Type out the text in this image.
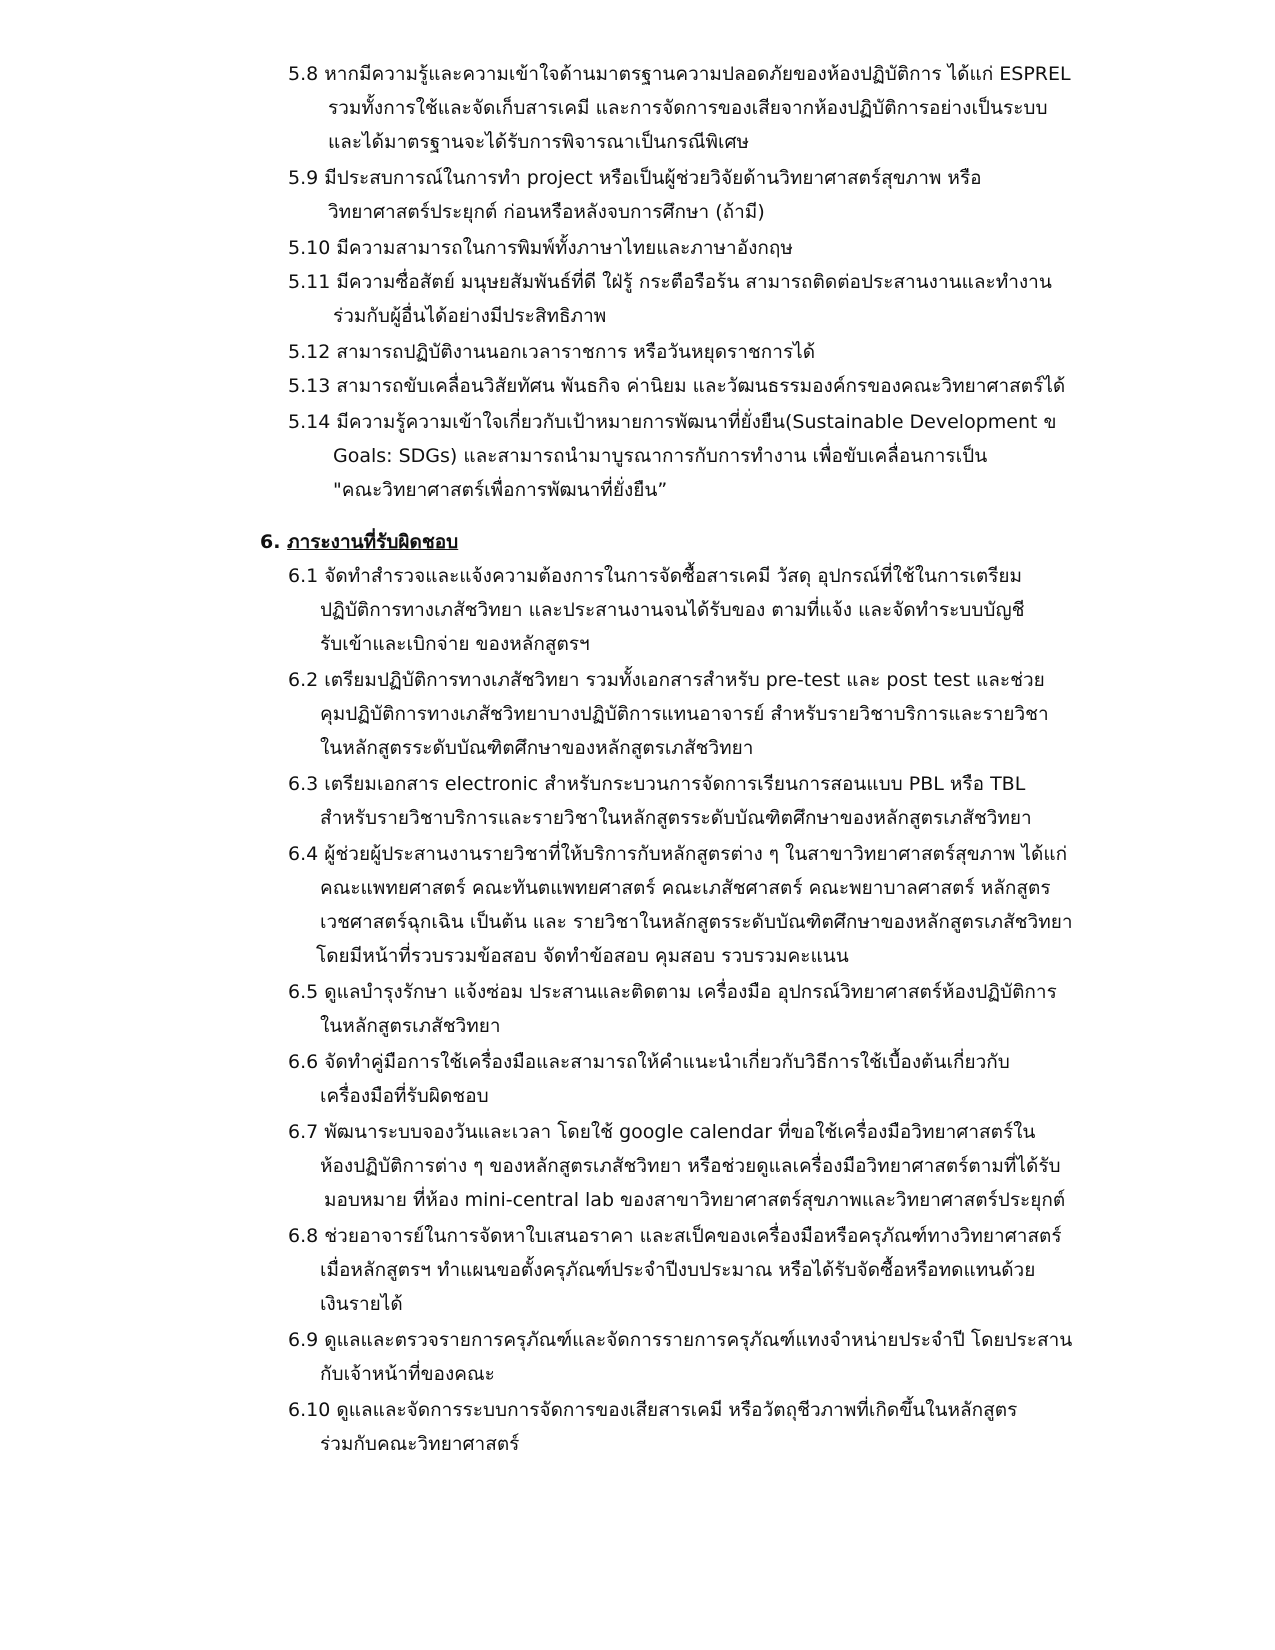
5.8 หากมีความรู้และความเข้าใจด้านมาตรฐานความปลอดภัยของห้องปฏิบัติการ ได้แก่ ESPREL
รวมทั้งการใช้และจัดเก็บสารเคมี และการจัดการของเสียจากห้องปฏิบัติการอย่างเป็นระบบ
และได้มาตรฐานจะได้รับการพิจารณาเป็นกรณีพิเศษ
5.9 มีประสบการณ์ในการทำ project หรือเป็นผู้ช่วยวิจัยด้านวิทยาศาสตร์สุขภาพ หรือ
วิทยาศาสตร์ประยุกต์ ก่อนหรือหลังจบการศึกษา (ถ้ามี)
5.10 มีความสามารถในการพิมพ์ทั้งภาษาไทยและภาษาอังกฤษ
5.11 มีความซื่อสัตย์ มนุษยสัมพันธ์ที่ดี ใฝ่รู้ กระตือรือร้น สามารถติดต่อประสานงานและทำงาน
ร่วมกับผู้อื่นได้อย่างมีประสิทธิภาพ
5.12 สามารถปฏิบัติงานนอกเวลาราชการ หรือวันหยุดราชการได้
5.13 สามารถขับเคลื่อนวิสัยทัศน พันธกิจ ค่านิยม และวัฒนธรรมองค์กรของคณะวิทยาศาสตร์ได้
5.14 มีความรู้ความเข้าใจเกี่ยวกับเป้าหมายการพัฒนาที่ยั่งยืน(Sustainable Development ข
Goals: SDGs) และสามารถนำมาบูรณาการกับการทำงาน เพื่อขับเคลื่อนการเป็น
"คณะวิทยาศาสตร์เพื่อการพัฒนาที่ยั่งยืน”
6. ภาระงานที่รับผิดชอบ
6.1 จัดทำสำรวจและแจ้งความต้องการในการจัดซื้อสารเคมี วัสดุ อุปกรณ์ที่ใช้ในการเตรียม
ปฏิบัติการทางเภสัชวิทยา และประสานงานจนได้รับของ ตามที่แจ้ง และจัดทำระบบบัญชี
รับเข้าและเบิกจ่าย ของหลักสูตรฯ
6.2 เตรียมปฏิบัติการทางเภสัชวิทยา รวมทั้งเอกสารสำหรับ pre-test และ post test และช่วย
คุมปฏิบัติการทางเภสัชวิทยาบางปฏิบัติการแทนอาจารย์ สำหรับรายวิชาบริการและรายวิชา
ในหลักสูตรระดับบัณฑิตศึกษาของหลักสูตรเภสัชวิทยา
6.3 เตรียมเอกสาร electronic สำหรับกระบวนการจัดการเรียนการสอนแบบ PBL หรือ TBL
สำหรับรายวิชาบริการและรายวิชาในหลักสูตรระดับบัณฑิตศึกษาของหลักสูตรเภสัชวิทยา
6.4 ผู้ช่วยผู้ประสานงานรายวิชาที่ให้บริการกับหลักสูตรต่าง ๆ ในสาขาวิทยาศาสตร์สุขภาพ ได้แก่
คณะแพทยศาสตร์ คณะทันตแพทยศาสตร์ คณะเภสัชศาสตร์ คณะพยาบาลศาสตร์ หลักสูตร
เวชศาสตร์ฉุกเฉิน เป็นต้น และ รายวิชาในหลักสูตรระดับบัณฑิตศึกษาของหลักสูตรเภสัชวิทยา
โดยมีหน้าที่รวบรวมข้อสอบ จัดทำข้อสอบ คุมสอบ รวบรวมคะแนน
6.5 ดูแลบำรุงรักษา แจ้งซ่อม ประสานและติดตาม เครื่องมือ อุปกรณ์วิทยาศาสตร์ห้องปฏิบัติการ
ในหลักสูตรเภสัชวิทยา
6.6 จัดทำคู่มือการใช้เครื่องมือและสามารถให้คำแนะนำเกี่ยวกับวิธีการใช้เบื้องต้นเกี่ยวกับ
เครื่องมือที่รับผิดชอบ
6.7 พัฒนาระบบจองวันและเวลา โดยใช้ google calendar ที่ขอใช้เครื่องมือวิทยาศาสตร์ใน
ห้องปฏิบัติการต่าง ๆ ของหลักสูตรเภสัชวิทยา หรือช่วยดูแลเครื่องมือวิทยาศาสตร์ตามที่ได้รับ
มอบหมาย ที่ห้อง mini-central lab ของสาขาวิทยาศาสตร์สุขภาพและวิทยาศาสตร์ประยุกต์
6.8 ช่วยอาจารย์ในการจัดหาใบเสนอราคา และสเป็คของเครื่องมือหรือครุภัณฑ์ทางวิทยาศาสตร์
เมื่อหลักสูตรฯ ทำแผนขอตั้งครุภัณฑ์ประจำปีงบประมาณ หรือได้รับจัดซื้อหรือทดแทนด้วย
เงินรายได้
6.9 ดูแลและตรวจรายการครุภัณฑ์และจัดการรายการครุภัณฑ์แทงจำหน่ายประจำปี โดยประสาน
กับเจ้าหน้าที่ของคณะ
6.10 ดูแลและจัดการระบบการจัดการของเสียสารเคมี หรือวัตถุชีวภาพที่เกิดขึ้นในหลักสูตร
ร่วมกับคณะวิทยาศาสตร์
